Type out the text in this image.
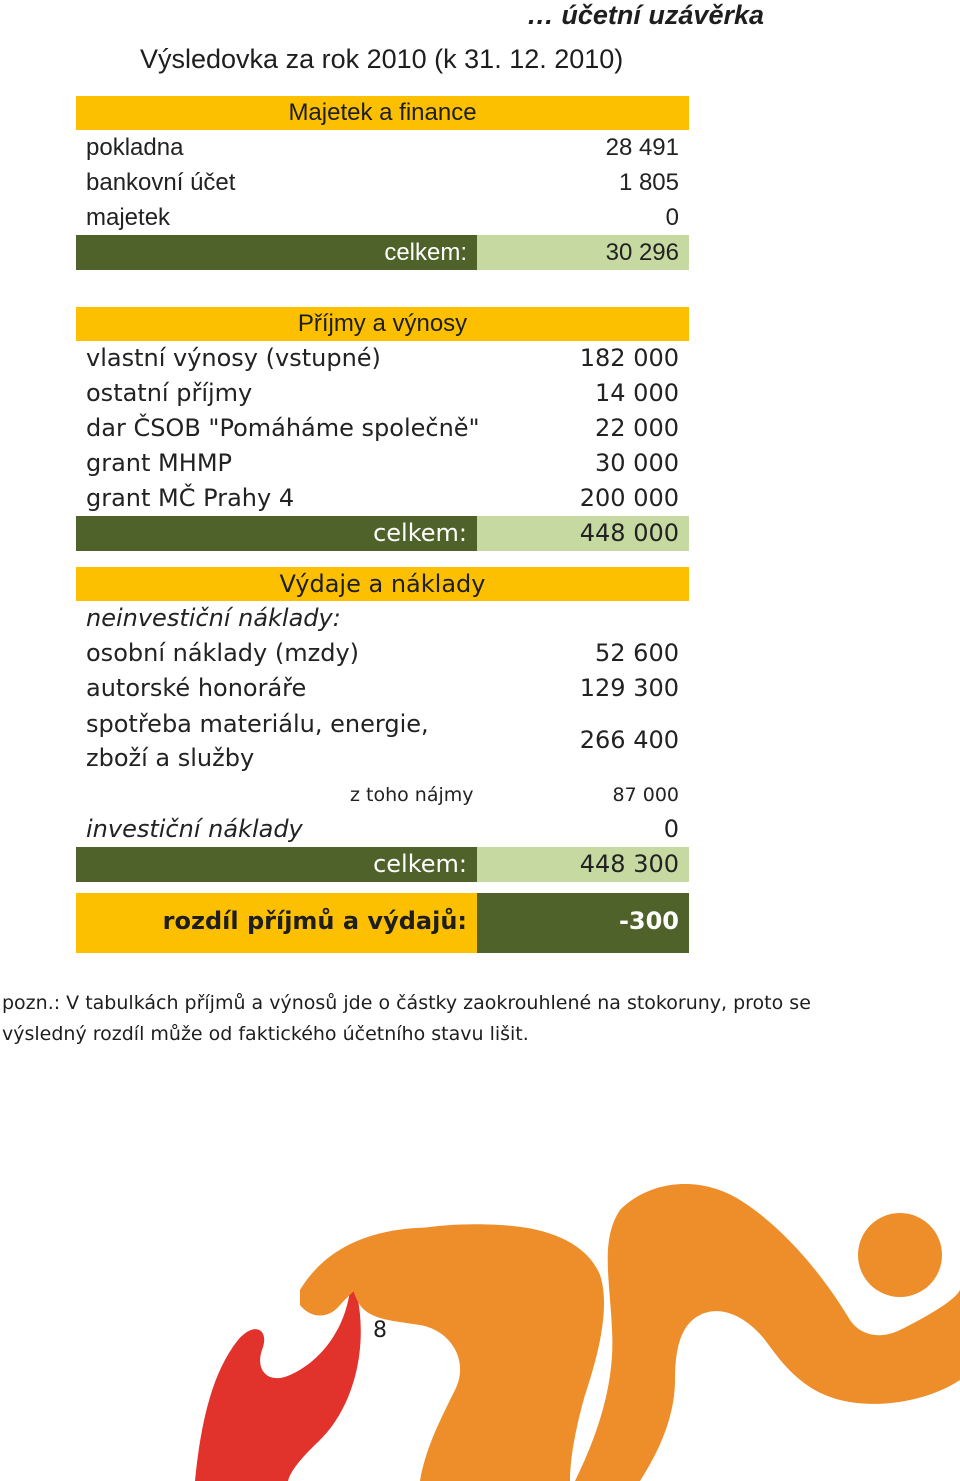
… účetní uzávěrka
Výsledovka za rok 2010 (k 31. 12. 2010)
Majetek a finance
pokladna	28 491
bankovní účet	1 805
majetek	0
celkem:	30 296
Příjmy a výnosy
vlastní výnosy (vstupné)	182 000
ostatní příjmy	14 000
dar ČSOB "Pomáháme společně"	22 000
grant MHMP	30 000
grant MČ Prahy 4	200 000
celkem:	448 000
Výdaje a náklady
neinvestiční náklady:
osobní náklady (mzdy)	52 600
autorské honoráře	129 300
spotřeba materiálu, energie,
zboží a služby
266 400
z toho nájmy	87 000
investiční náklady	0
celkem:	448 300
rozdíl příjmů a výdajů:	-300
pozn.: V tabulkách příjmů a výnosů jde o částky zaokrouhlené na stokoruny, proto se výsledný rozdíl může od faktického účetního stavu lišit.
8
